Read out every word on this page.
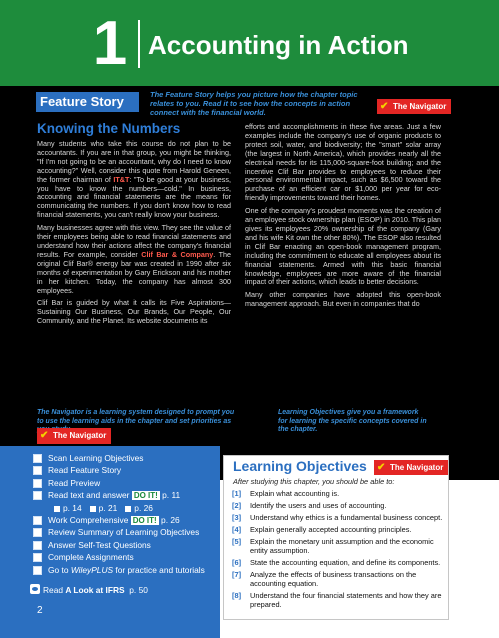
1 Accounting in Action
Feature Story	The Feature Story helps you picture how the chapter topic relates to you. Read it to see how the concepts in action connect with the financial world.
✔ The Navigator
Knowing the Numbers

Many students who take this course do not plan to be accountants. If you are in that group, you might be thinking, "If I'm not going to be an accountant, why do I need to know accounting?" Well, consider this quote from Harold Geneen, the former chairman of IT&T: "To be good at your business, you have to know the numbers—cold." In business, accounting and financial statements are the means for communicating the numbers. If you don't know how to read financial statements, you can't really know your business.

Many businesses agree with this view. They see the value of their employees being able to read financial statements and understand how their actions affect the company's financial results. For example, consider Clif Bar & Company. The original Clif Bar® energy bar was created in 1990 after six months of experimentation by Gary Erickson and his mother in her kitchen. Today, the company has almost 300 employees.

Clif Bar is guided by what it calls its Five Aspirations—Sustaining Our Business, Our Brands, Our People, Our Community, and the Planet. Its website documents its

efforts and accomplishments in these five areas. Just a few examples include the company's use of organic products to protect soil, water, and biodiversity; the "smart" solar array (the largest in North America), which provides nearly all the electrical needs for its 115,000-square-foot building; and the incentive Clif Bar provides to employees to reduce their personal environmental impact, such as $6,500 toward the purchase of an efficient car or $1,000 per year for eco-friendly improvements toward their homes.

One of the company's proudest moments was the creation of an employee stock ownership plan (ESOP) in 2010. This plan gives its employees 20% ownership of the company (Gary and his wife Kit own the other 80%). The ESOP also resulted in Clif Bar enacting an open-book management program, including the commitment to educate all employees about its financial statements. Armed with this basic financial knowledge, employees are more aware of the financial impact of their actions, which leads to better decisions.

Many other companies have adopted this open-book management approach. But even in companies that do

The Navigator is a learning system designed to prompt you to use the learning aids in the chapter and set priorities as
Learning Objectives give you a framework for learning the specific concepts covered in the chapter.
✔ The Navigator
Scan Learning Objectives
Read Feature Story
Read Preview
Read text and answer DO IT! p. 11
p. 14 p. 21 p. 26
Work Comprehensive DO IT! p. 26
Review Summary of Learning Objectives
Answer Self-Test Questions
Complete Assignments
Go to WileyPLUS for practice and tutorials
Read A Look at IFRS p. 50
2
Learning Objectives ✔ The Navigator
After studying this chapter, you should be able to:
[1] Explain what accounting is.
[2] Identify the users and uses of accounting.
[3] Understand why ethics is a fundamental business concept.
[4] Explain generally accepted accounting principles.
[5] Explain the monetary unit assumption and the economic entity assumption.
[6] State the accounting equation, and define its components.
[7] Analyze the effects of business transactions on the accounting equation.
[8] Understand the four financial statements and how they are prepared.
